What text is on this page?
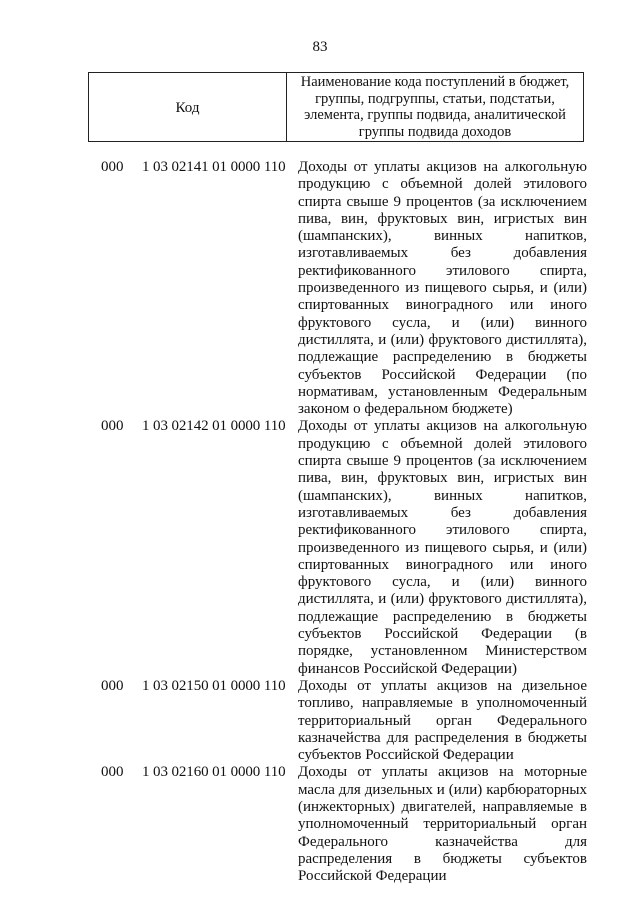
83
Код
Наименование кода поступлений в бюджет, группы, подгруппы, статьи, подстатьи, элемента, группы подвида, аналитической группы подвида доходов
000 1 03 02141 01 0000 110 Доходы от уплаты акцизов на алкогольную продукцию с объемной долей этилового спирта свыше 9 процентов (за исключением пива, вин, фруктовых вин, игристых вин (шампанских), винных напитков, изготавливаемых без добавления ректификованного этилового спирта, произведенного из пищевого сырья, и (или) спиртованных виноградного или иного фруктового сусла, и (или) винного дистиллята, и (или) фруктового дистиллята), подлежащие распределению в бюджеты субъектов Российской Федерации (по нормативам, установленным Федеральным законом о федеральном бюджете)
000 1 03 02142 01 0000 110 Доходы от уплаты акцизов на алкогольную продукцию с объемной долей этилового спирта свыше 9 процентов (за исключением пива, вин, фруктовых вин, игристых вин (шампанских), винных напитков, изготавливаемых без добавления ректификованного этилового спирта, произведенного из пищевого сырья, и (или) спиртованных виноградного или иного фруктового сусла, и (или) винного дистиллята, и (или) фруктового дистиллята), подлежащие распределению в бюджеты субъектов Российской Федерации (в порядке, установленном Министерством финансов Российской Федерации)
000 1 03 02150 01 0000 110 Доходы от уплаты акцизов на дизельное топливо, направляемые в уполномоченный территориальный орган Федерального казначейства для распределения в бюджеты субъектов Российской Федерации
000 1 03 02160 01 0000 110 Доходы от уплаты акцизов на моторные масла для дизельных и (или) карбюраторных (инжекторных) двигателей, направляемые в уполномоченный территориальный орган Федерального казначейства для распределения в бюджеты субъектов Российской Федерации
